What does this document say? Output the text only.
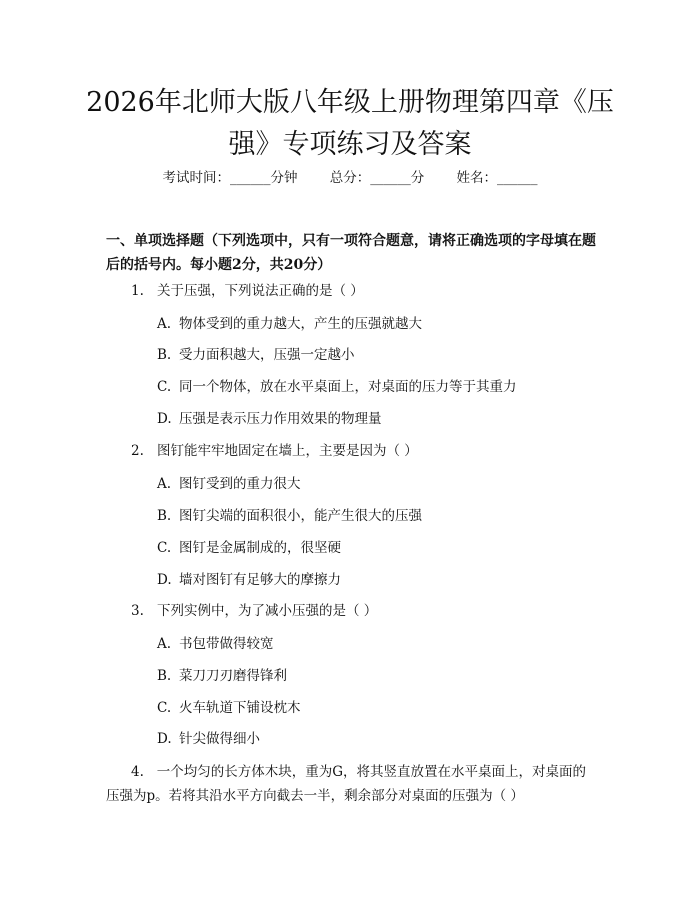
2026年北师大版八年级上册物理第四章《压强》专项练习及答案
考试时间：______分钟 总分：______分 姓名：______
一、单项选择题（下列选项中，只有一项符合题意，请将正确选项的字母填在题后的括号内。每小题2分，共20分）
1. 关于压强，下列说法正确的是（ ）
A. 物体受到的重力越大，产生的压强就越大
B. 受力面积越大，压强一定越小
C. 同一个物体，放在水平桌面上，对桌面的压力等于其重力
D. 压强是表示压力作用效果的物理量
2. 图钉能牢牢地固定在墙上，主要是因为（ ）
A. 图钉受到的重力很大
B. 图钉尖端的面积很小，能产生很大的压强
C. 图钉是金属制成的，很坚硬
D. 墙对图钉有足够大的摩擦力
3. 下列实例中，为了减小压强的是（ ）
A. 书包带做得较宽
B. 菜刀刀刃磨得锋利
C. 火车轨道下铺设枕木
D. 针尖做得细小
4. 一个均匀的长方体木块，重为G，将其竖直放置在水平桌面上，对桌面的压强为p。若将其沿水平方向截去一半，剩余部分对桌面的压强为（ ）
